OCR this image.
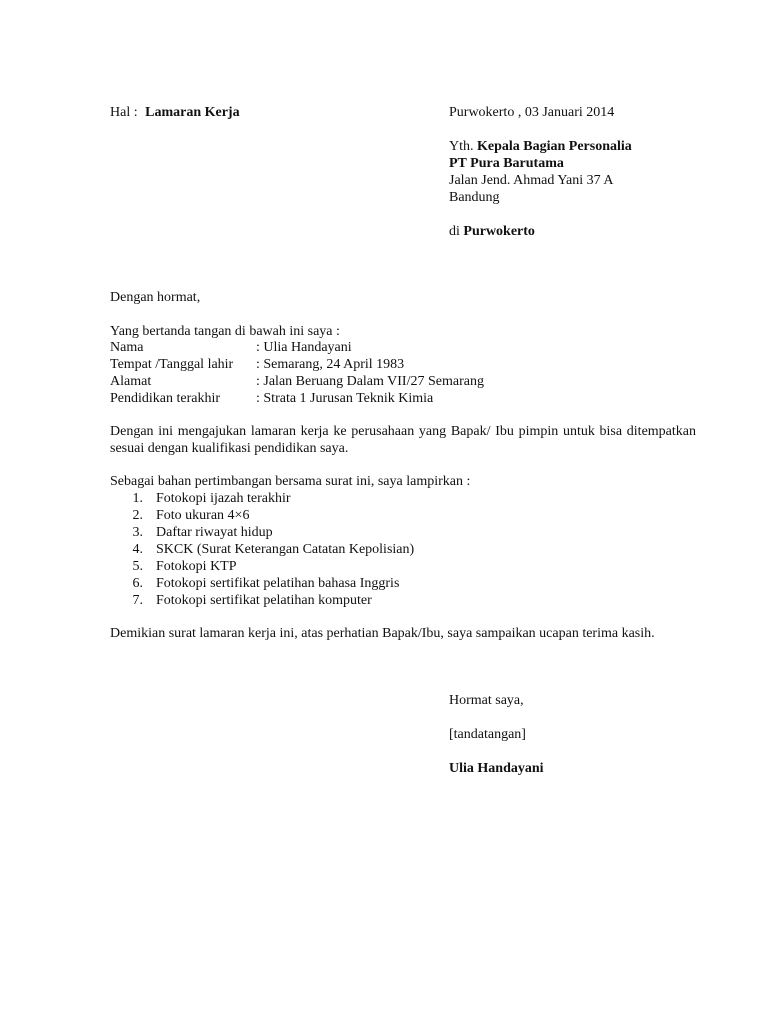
Hal : Lamaran Kerja	Purwokerto , 03 Januari 2014
Yth. Kepala Bagian Personalia
PT Pura Barutama
Jalan Jend. Ahmad Yani 37 A
Bandung
di Purwokerto
Dengan hormat,
Yang bertanda tangan di bawah ini saya :
Nama	: Ulia Handayani
Tempat /Tanggal lahir	: Semarang, 24 April 1983
Alamat	: Jalan Beruang Dalam VII/27 Semarang
Pendidikan terakhir	: Strata 1 Jurusan Teknik Kimia
Dengan ini mengajukan lamaran kerja ke perusahaan yang Bapak/ Ibu pimpin untuk bisa ditempatkan sesuai dengan kualifikasi pendidikan saya.
Sebagai bahan pertimbangan bersama surat ini, saya lampirkan :
1. Fotokopi ijazah terakhir
2. Foto ukuran 4×6
3. Daftar riwayat hidup
4. SKCK (Surat Keterangan Catatan Kepolisian)
5. Fotokopi KTP
6. Fotokopi sertifikat pelatihan bahasa Inggris
7. Fotokopi sertifikat pelatihan komputer
Demikian surat lamaran kerja ini, atas perhatian Bapak/Ibu, saya sampaikan ucapan terima kasih.
Hormat saya,
[tandatangan]
Ulia Handayani
